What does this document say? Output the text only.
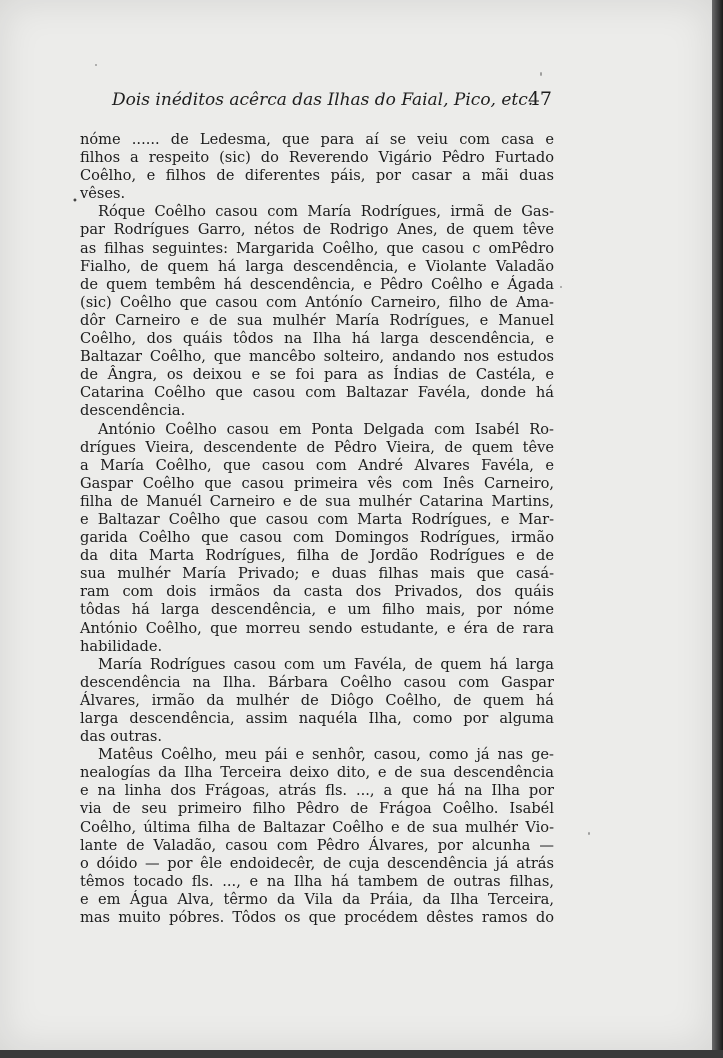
Dois inéditos acêrca das Ilhas do Faial, Pico, etc.
47
•
nóme ...... de Ledesma, que para aí se veiu com casa e
filhos a respeito (sic) do Reverendo Vigário Pêdro Furtado
Coêlho, e filhos de diferentes páis, por casar a mãi duas
vêses.
Róque Coêlho casou com María Rodrígues, irmã de Gas-
par Rodrígues Garro, nétos de Rodrigo Anes, de quem têve
as filhas seguintes: Margarida Coêlho, que casou c omPêdro
Fialho, de quem há larga descendência, e Violante Valadão
de quem tembêm há descendência, e Pêdro Coêlho e Ágada
(sic) Coêlho que casou com Antónío Carneiro, filho de Ama-
dôr Carneiro e de sua mulhér María Rodrígues, e Manuel
Coêlho, dos quáis tôdos na Ilha há larga descendência, e
Baltazar Coêlho, que mancêbo solteiro, andando nos estudos
de Ângra, os deixou e se foi para as Índias de Castéla, e
Catarina Coêlho que casou com Baltazar Favéla, donde há
descendência.
António Coêlho casou em Ponta Delgada com Isabél Ro-
drígues Vieira, descendente de Pêdro Vieira, de quem têve
a María Coêlho, que casou com André Alvares Favéla, e
Gaspar Coêlho que casou primeira vês com Inês Carneiro,
filha de Manuél Carneiro e de sua mulhér Catarina Martins,
e Baltazar Coêlho que casou com Marta Rodrígues, e Mar-
garida Coêlho que casou com Domingos Rodrígues, irmão
da dita Marta Rodrígues, filha de Jordão Rodrígues e de
sua mulhér María Privado; e duas filhas mais que casá-
ram com dois irmãos da casta dos Privados, dos quáis
tôdas há larga descendência, e um filho mais, por nóme
António Coêlho, que morreu sendo estudante, e éra de rara
habilidade.
María Rodrígues casou com um Favéla, de quem há larga
descendência na Ilha. Bárbara Coêlho casou com Gaspar
Álvares, irmão da mulhér de Diôgo Coêlho, de quem há
larga descendência, assim naquéla Ilha, como por alguma
das outras.
Matêus Coêlho, meu pái e senhôr, casou, como já nas ge-
nealogías da Ilha Terceira deixo dito, e de sua descendência
e na linha dos Frágoas, atrás fls. ..., a que há na Ilha por
via de seu primeiro filho Pêdro de Frágoa Coêlho. Isabél
Coêlho, última filha de Baltazar Coêlho e de sua mulhér Vio-
lante de Valadão, casou com Pêdro Álvares, por alcunha —
o dóido — por êle endoidecêr, de cuja descendência já atrás
têmos tocado fls. ..., e na Ilha há tambem de outras filhas,
e em Água Alva, têrmo da Vila da Práia, da Ilha Terceira,
mas muito póbres. Tôdos os que procédem dêstes ramos do
